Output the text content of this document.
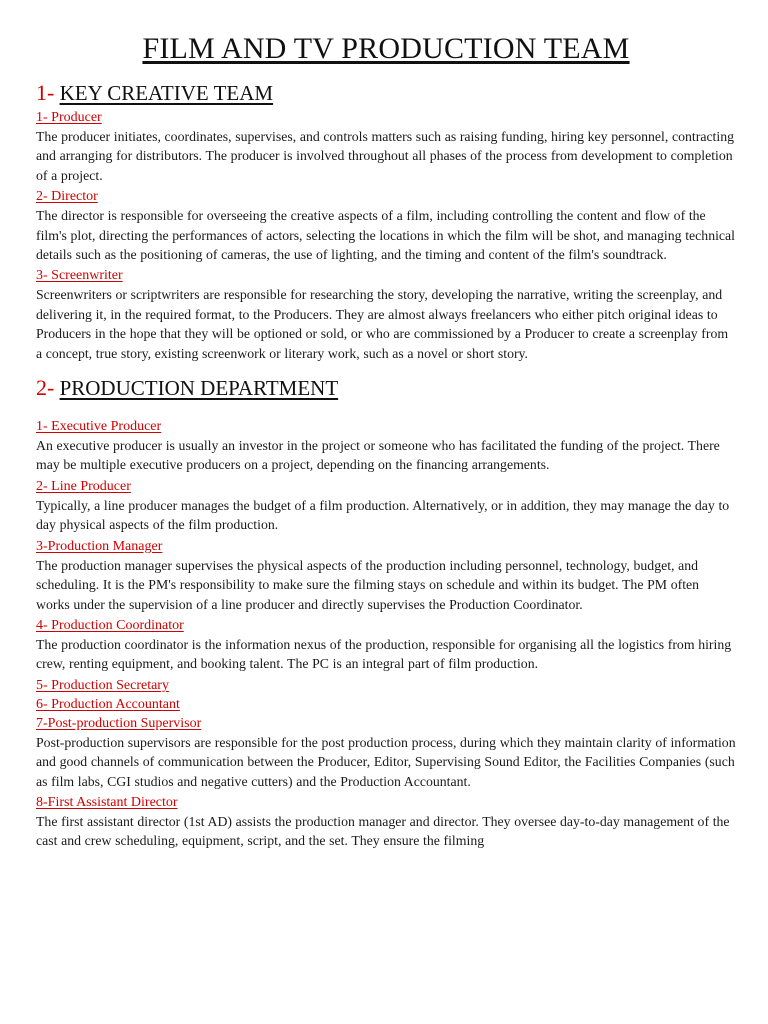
FILM AND TV PRODUCTION TEAM
1- KEY CREATIVE TEAM
1- Producer

The producer initiates, coordinates, supervises, and controls matters such as raising funding, hiring key personnel, contracting and arranging for distributors. The producer is involved throughout all phases of the process from development to completion of a project.

2- Director

The director is responsible for overseeing the creative aspects of a film, including controlling the content and flow of the film's plot, directing the performances of actors, selecting the locations in which the film will be shot, and managing technical details such as the positioning of cameras, the use of lighting, and the timing and content of the film's soundtrack.

3- Screenwriter

Screenwriters or scriptwriters are responsible for researching the story, developing the narrative, writing the screenplay, and delivering it, in the required format, to the Producers. They are almost always freelancers who either pitch original ideas to Producers in the hope that they will be optioned or sold, or who are commissioned by a Producer to create a screenplay from a concept, true story, existing screenwork or literary work, such as a novel or short story.

2- PRODUCTION DEPARTMENT
1- Executive Producer

An executive producer is usually an investor in the project or someone who has facilitated the funding of the project. There may be multiple executive producers on a project, depending on the financing arrangements.

2- Line Producer

Typically, a line producer manages the budget of a film production. Alternatively, or in addition, they may manage the day to day physical aspects of the film production.

3-Production Manager

The production manager supervises the physical aspects of the production including personnel, technology, budget, and scheduling. It is the PM's responsibility to make sure the filming stays on schedule and within its budget. The PM often works under the supervision of a line producer and directly supervises the Production Coordinator.

4- Production Coordinator

The production coordinator is the information nexus of the production, responsible for organising all the logistics from hiring crew, renting equipment, and booking talent. The PC is an integral part of film production.

5- Production Secretary
6- Production Accountant
7-Post-production Supervisor

Post-production supervisors are responsible for the post production process, during which they maintain clarity of information and good channels of communication between the Producer, Editor, Supervising Sound Editor, the Facilities Companies (such as film labs, CGI studios and negative cutters) and the Production Accountant.

8-First Assistant Director

The first assistant director (1st AD) assists the production manager and director. They oversee day-to-day management of the cast and crew scheduling, equipment, script, and the set. They ensure the filming
